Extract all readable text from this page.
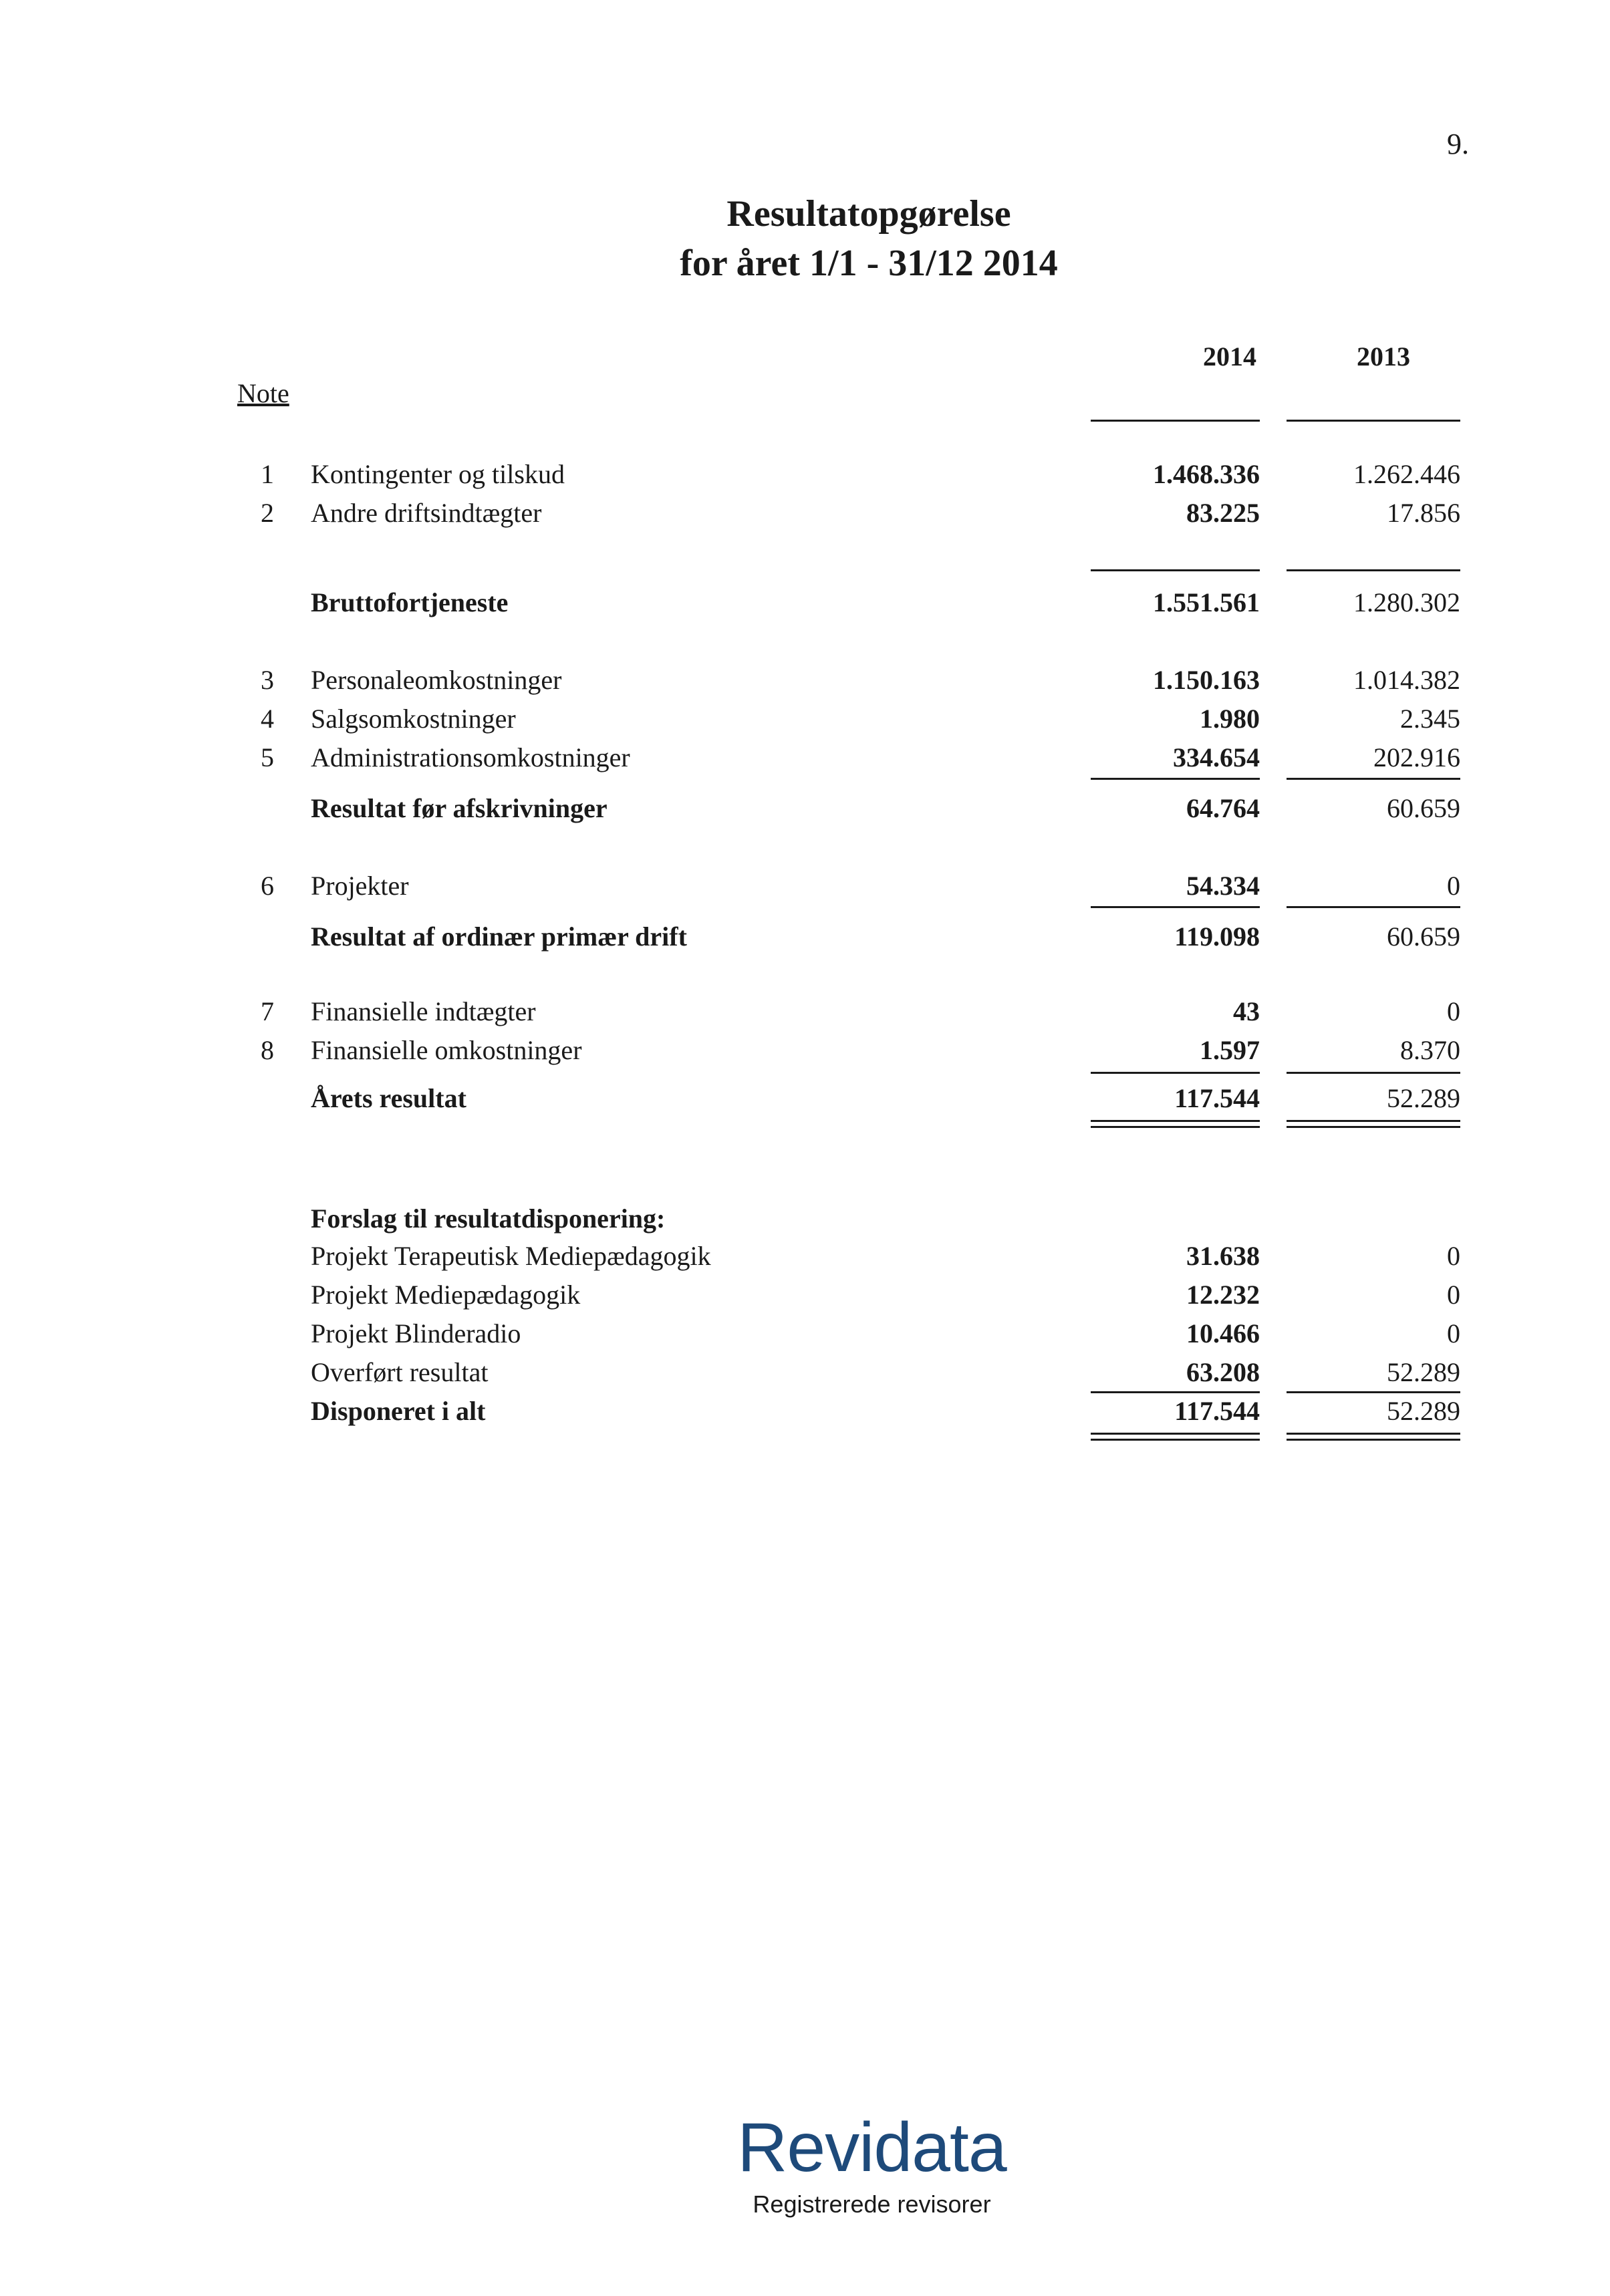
9.
Resultatopgørelse
for året 1/1 - 31/12 2014
2014	2013
Note
1 Kontingenter og tilskud	1.468.336	1.262.446
2 Andre driftsindtægter	83.225	17.856
Bruttofortjeneste	1.551.561	1.280.302
3 Personaleomkostninger	1.150.163	1.014.382
4 Salgsomkostninger	1.980	2.345
5 Administrationsomkostninger	334.654	202.916
Resultat før afskrivninger	64.764	60.659
6 Projekter	54.334	0
Resultat af ordinær primær drift	119.098	60.659
7 Finansielle indtægter	43	0
8 Finansielle omkostninger	1.597	8.370
Årets resultat	117.544	52.289
Forslag til resultatdisponering:
Projekt Terapeutisk Mediepædagogik	31.638	0
Projekt Mediepædagogik	12.232	0
Projekt Blinderadio	10.466	0
Overført resultat	63.208	52.289
Disponeret i alt	117.544	52.289
Revidata
Registrerede revisorer
